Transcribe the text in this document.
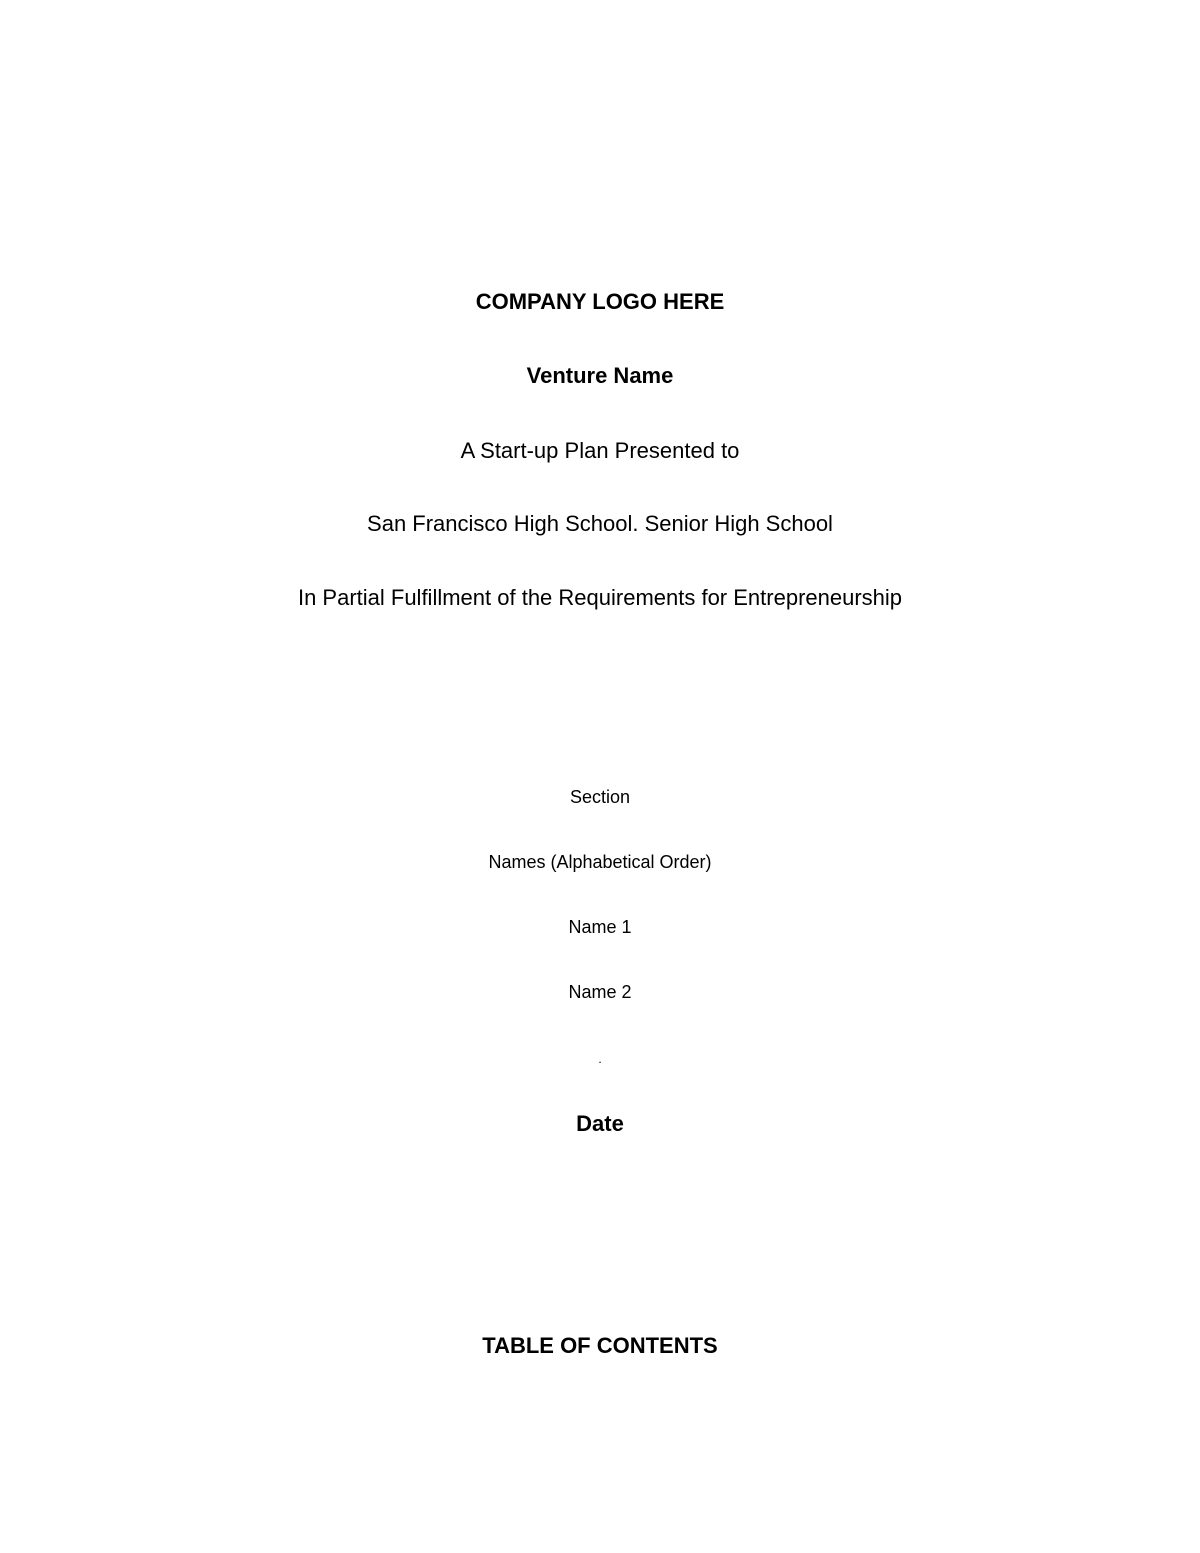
COMPANY LOGO HERE
Venture Name
A Start-up Plan Presented to
San Francisco High School. Senior High School
In Partial Fulfillment of the Requirements for Entrepreneurship
Section
Names (Alphabetical Order)
Name 1
Name 2
.
Date
TABLE OF CONTENTS
